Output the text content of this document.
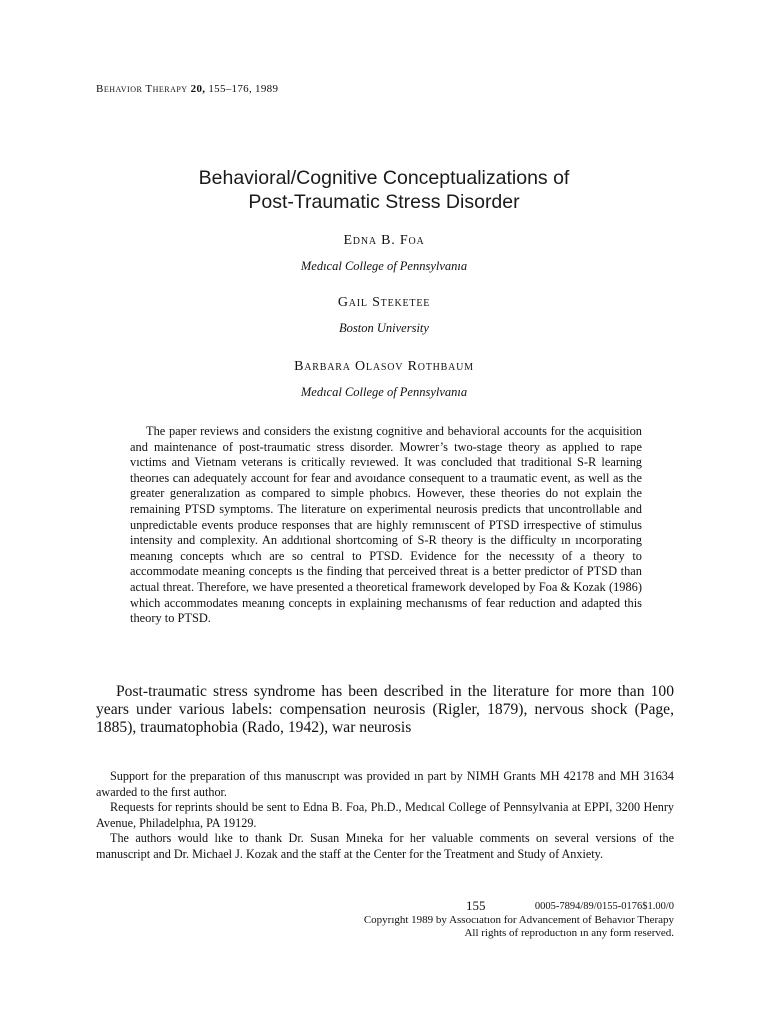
Behavior Therapy 20, 155–176, 1989
Behavioral/Cognitive Conceptualizations of
Post-Traumatic Stress Disorder
Edna B. Foa
Medıcal College of Pennsylvanıa
Gail Steketee
Boston University
Barbara Olasov Rothbaum
Medıcal College of Pennsylvanıa

The paper reviews and considers the existıng cognitive and behavioral accounts for the acquisition and maintenance of post-traumatic stress disorder. Mowrer’s two-stage theory as applıed to rape vıctims and Vietnam veterans is critically revıewed. It was concluded that traditional S-R learning theorıes can adequately account for fear and avoıdance consequent to a traumatic event, as well as the greater generalızation as compared to simple phobıcs. However, these theories do not explain the remaining PTSD symptoms. The literature on experimental neurosis predicts that uncontrollable and unpredictable events produce responses that are highly remınıscent of PTSD irrespective of stimulus intensity and complexity. An addıtional shortcoming of S-R theory is the difficulty ın ıncorporating meanıng concepts whıch are so central to PTSD. Evidence for the necessıty of a theory to accommodate meaning concepts ıs the finding that perceived threat is a better predictor of PTSD than actual threat. Therefore, we have presented a theoretical framework developed by Foa & Kozak (1986) which accommodates meanıng concepts in explaining mechanısms of fear reduction and adapted this theory to PTSD.

Post-traumatic stress syndrome has been described in the literature for more than 100 years under various labels: compensation neurosis (Rigler, 1879), nervous shock (Page, 1885), traumatophobia (Rado, 1942), war neurosis

Support for the preparation of thıs manuscrıpt was provided ın part by NIMH Grants MH 42178 and MH 31634 awarded to the fırst author.

Requests for reprints should be sent to Edna B. Foa, Ph.D., Medıcal College of Pennsylvania at EPPI, 3200 Henry Avenue, Philadelphıa, PA 19129.

The authors would lıke to thank Dr. Susan Mıneka for her valuable comments on several versions of the manuscript and Dr. Michael J. Kozak and the staff at the Center for the Treatment and Study of Anxiety.

155	0005-7894/89/0155-0176$1.00/0
Copyrıght 1989 by Assocıatıon for Advancement of Behavıor Therapy
All rights of reproductıon ın any form reserved.
